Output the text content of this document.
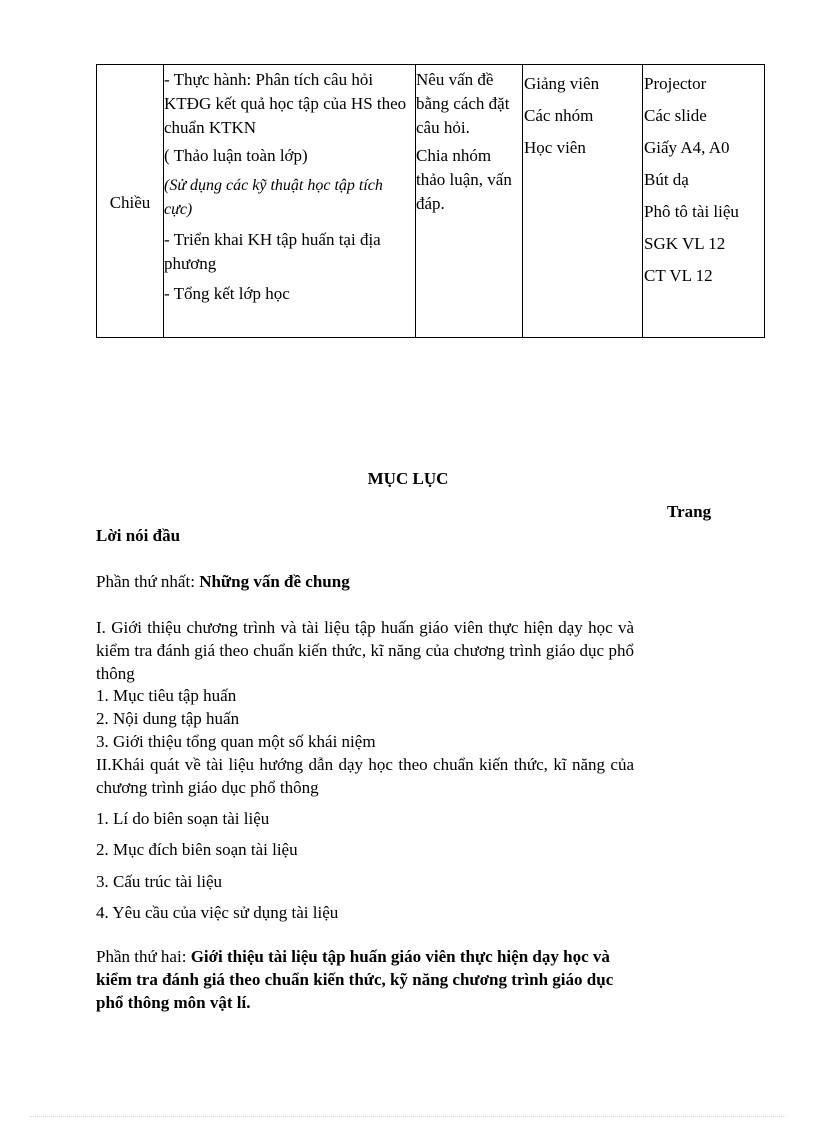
Chiều	
- Thực hành: Phân tích câu hỏi KTĐG kết quả học tập của HS theo chuẩn KTKN
( Thảo luận toàn lớp)
(Sử dụng các kỹ thuật học tập tích cực)
- Triển khai KH tập huấn tại địa phương
- Tổng kết lớp học

Nêu vấn đề bằng cách đặt câu hỏi.
Chia nhóm thảo luận, vấn đáp.

Giảng viên
Các nhóm
Học viên

Projector
Các slide
Giấy A4, A0
Bút dạ
Phô tô tài liệu
SGK VL 12
CT VL 12
MỤC LỤC
Trang
Lời nói đầu
Phần thứ nhất: Những vấn đề chung
I. Giới thiệu chương trình và tài liệu tập huấn giáo viên thực hiện dạy học và kiểm tra đánh giá theo chuẩn kiến thức, kĩ năng của chương trình giáo dục phổ thông
1. Mục tiêu tập huấn
2. Nội dung tập huấn
3. Giới thiệu tổng quan một số khái niệm
II.Khái quát về tài liệu hướng dẫn dạy học theo chuẩn kiến thức, kĩ năng của chương trình giáo dục phổ thông
1. Lí do biên soạn tài liệu
2. Mục đích biên soạn tài liệu
3. Cấu trúc tài liệu
4. Yêu cầu của việc sử dụng tài liệu
Phần thứ hai: Giới thiệu tài liệu tập huấn giáo viên thực hiện dạy học và kiểm tra đánh giá theo chuẩn kiến thức, kỹ năng chương trình giáo dục phổ thông môn vật lí.
